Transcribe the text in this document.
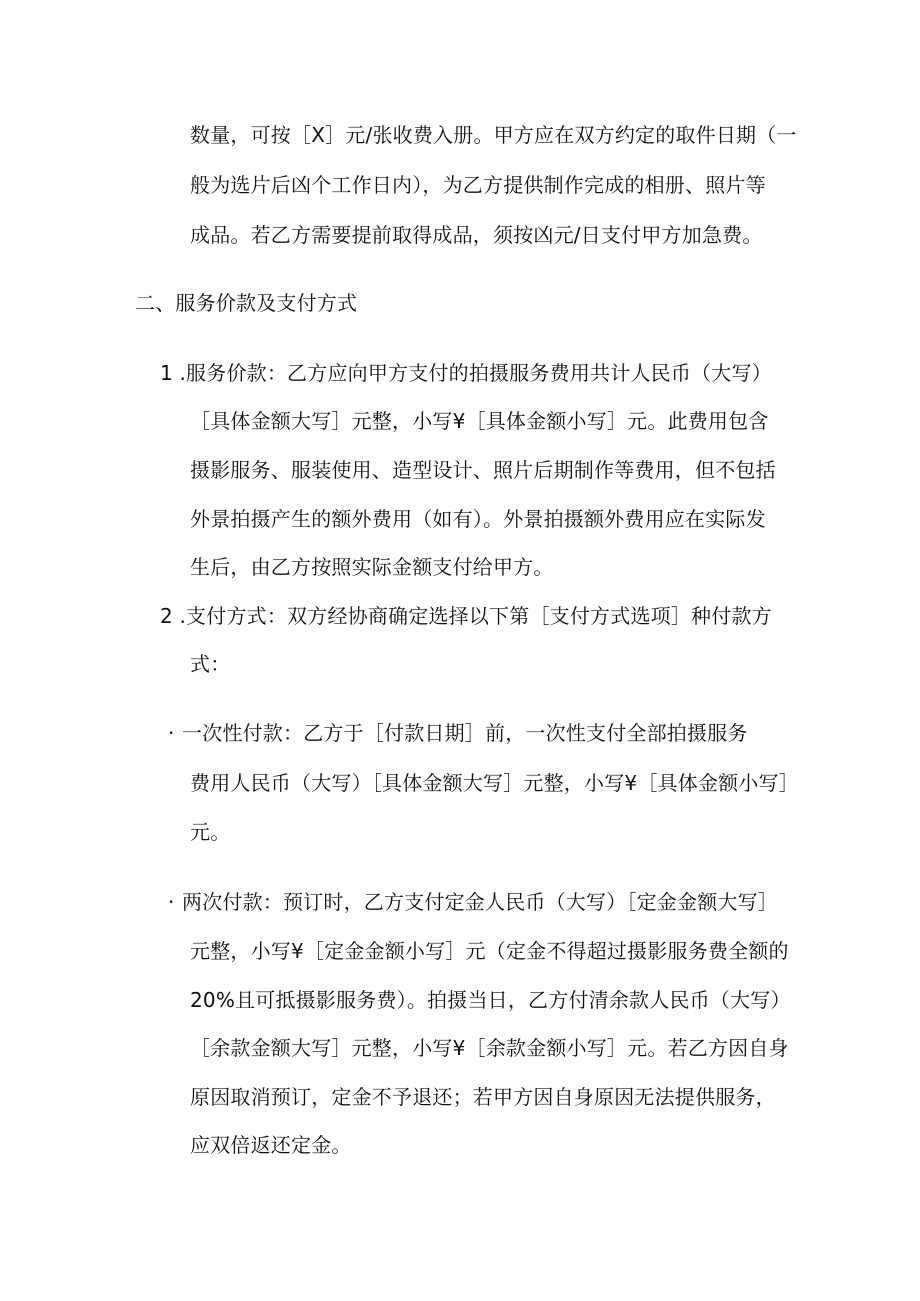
数量，可按［X］元/张收费入册。甲方应在双方约定的取件日期（一
般为选片后凶个工作日内），为乙方提供制作完成的相册、照片等
成品。若乙方需要提前取得成品，须按凶元/日支付甲方加急费。
二、服务价款及支付方式
1 .服务价款：乙方应向甲方支付的拍摄服务费用共计人民币（大写）
［具体金额大写］元整，小写¥［具体金额小写］元。此费用包含
摄影服务、服装使用、造型设计、照片后期制作等费用，但不包括
外景拍摄产生的额外费用（如有）。外景拍摄额外费用应在实际发
生后，由乙方按照实际金额支付给甲方。
2 .支付方式：双方经协商确定选择以下第［支付方式选项］种付款方
式：
· 一次性付款：乙方于［付款日期］前，一次性支付全部拍摄服务
费用人民币（大写）［具体金额大写］元整，小写¥［具体金额小写］
元。
· 两次付款：预订时，乙方支付定金人民币（大写）［定金金额大写］
元整，小写¥［定金金额小写］元（定金不得超过摄影服务费全额的
20%且可抵摄影服务费）。拍摄当日，乙方付清余款人民币（大写）
［余款金额大写］元整，小写¥［余款金额小写］元。若乙方因自身
原因取消预订，定金不予退还；若甲方因自身原因无法提供服务，
应双倍返还定金。
